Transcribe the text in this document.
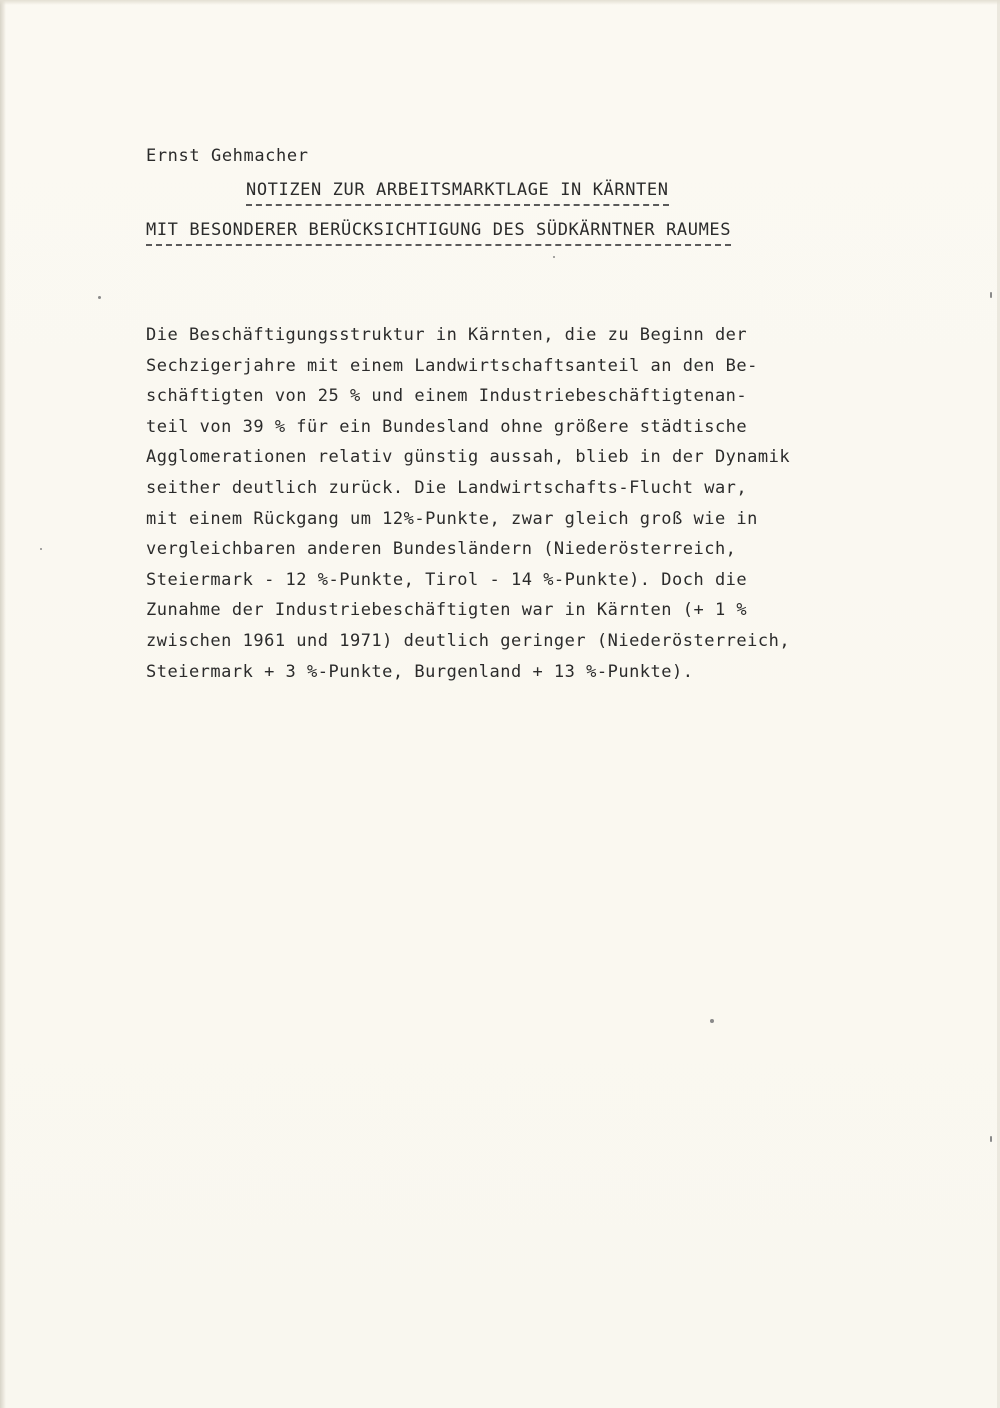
Ernst Gehmacher
NOTIZEN ZUR ARBEITSMARKTLAGE IN KÄRNTEN
MIT BESONDERER BERÜCKSICHTIGUNG DES SÜDKÄRNTNER RAUMES
Die Beschäftigungsstruktur in Kärnten, die zu Beginn der
Sechzigerjahre mit einem Landwirtschaftsanteil an den Be-
schäftigten von 25 % und einem Industriebeschäftigtenan-
teil von 39 % für ein Bundesland ohne größere städtische
Agglomerationen relativ günstig aussah, blieb in der Dynamik
seither deutlich zurück. Die Landwirtschafts-Flucht war,
mit einem Rückgang um 12%-Punkte, zwar gleich groß wie in
vergleichbaren anderen Bundesländern (Niederösterreich,
Steiermark - 12 %-Punkte, Tirol - 14 %-Punkte). Doch die
Zunahme der Industriebeschäftigten war in Kärnten (+ 1 %
zwischen 1961 und 1971) deutlich geringer (Niederösterreich,
Steiermark + 3 %-Punkte, Burgenland + 13 %-Punkte).
